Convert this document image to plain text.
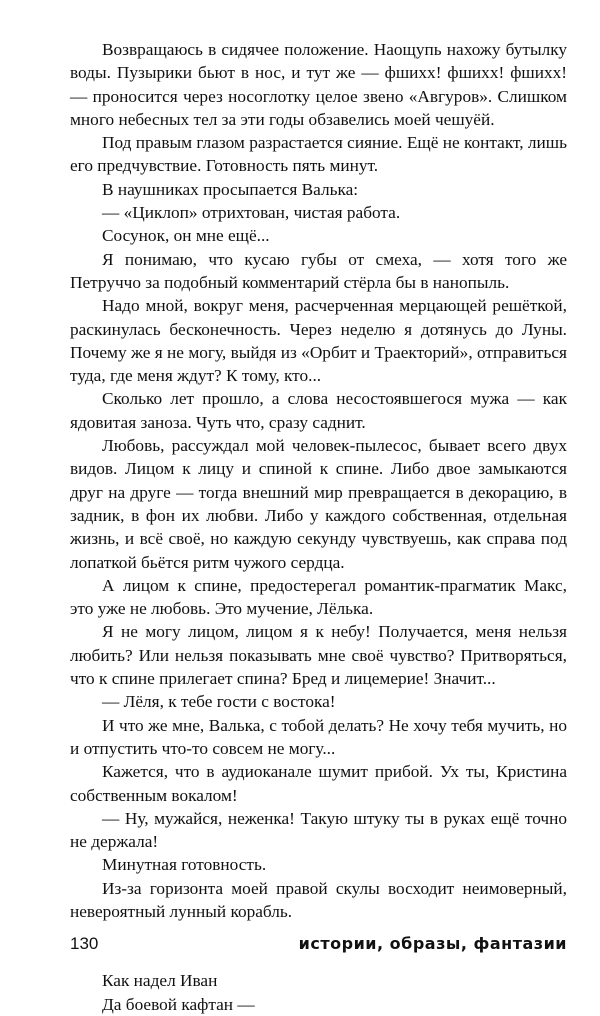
Возвращаюсь в сидячее положение. Наощупь нахожу бутылку воды. Пузырики бьют в нос, и тут же — фшихх! фшихх! фшихх! — проносится через носоглотку целое звено «Авгуров». Слишком много небесных тел за эти годы обзавелись моей чешуёй.

Под правым глазом разрастается сияние. Ещё не контакт, лишь его предчувствие. Готовность пять минут.

В наушниках просыпается Валька:

— «Циклоп» отрихтован, чистая работа.

Сосунок, он мне ещё...

Я понимаю, что кусаю губы от смеха, — хотя того же Петруччо за подобный комментарий стёрла бы в нанопыль.

Надо мной, вокруг меня, расчерченная мерцающей решёткой, раскинулась бесконечность. Через неделю я дотянусь до Луны. Почему же я не могу, выйдя из «Орбит и Траекторий», отправиться туда, где меня ждут? К тому, кто...

Сколько лет прошло, а слова несостоявшегося мужа — как ядовитая заноза. Чуть что, сразу саднит.

Любовь, рассуждал мой человек-пылесос, бывает всего двух видов. Лицом к лицу и спиной к спине. Либо двое замыкаются друг на друге — тогда внешний мир превращается в декорацию, в задник, в фон их любви. Либо у каждого собственная, отдельная жизнь, и всё своё, но каждую секунду чувствуешь, как справа под лопаткой бьётся ритм чужого сердца.

А лицом к спине, предостерегал романтик-прагматик Макс, это уже не любовь. Это мучение, Лёлька.

Я не могу лицом, лицом я к небу! Получается, меня нельзя любить? Или нельзя показывать мне своё чувство? Притворяться, что к спине прилегает спина? Бред и лицемерие! Значит...

— Лёля, к тебе гости с востока!

И что же мне, Валька, с тобой делать? Не хочу тебя мучить, но и отпустить что-то совсем не могу...

Кажется, что в аудиоканале шумит прибой. Ух ты, Кристина собственным вокалом!

— Ну, мужайся, неженка! Такую штуку ты в руках ещё точно не держала!

Минутная готовность.

Из-за горизонта моей правой скулы восходит неимоверный, невероятный лунный корабль.

Как надел Иван

Да боевой кафтан —

130	истории, образы, фантазии
